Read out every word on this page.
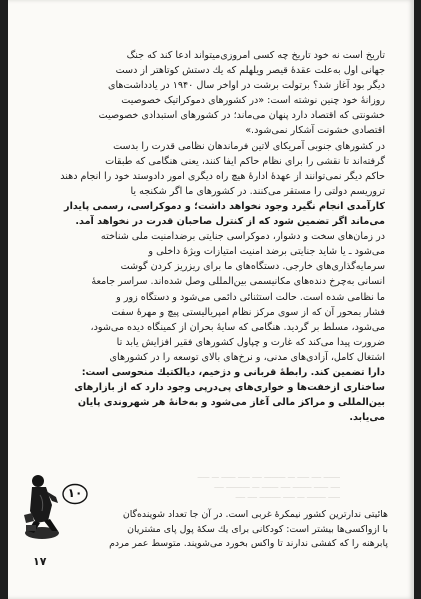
تاریخ است نه خود تاریخ چه کسی امروزی‌میتواند ادعا کند که جنگ

جهانی اول به‌علت عقده‌ٔ قیصر ویلهلم که یك دستش کوتاهتر از دست

دیگر بود آغاز شد؟ برتولت برشت در اواخر سال ۱۹۴۰ در یادداشت‌های

روزانهٔ خود چنین نوشته است: «در کشورهای دموکراتیک خصوصیت

خشونتی که اقتصاد دارد پنهان می‌ماند؛ در کشورهای استبدادی خصوصیت

اقتصادی خشونت آشکار نمی‌شود.»

در کشورهای جنوبی آمریکای لاتین فرماندهان نظامی قدرت را بدست

گرفته‌اند تا نقشی را برای نظام حاکم ایفا کنند، یعنی هنگامی که طبقات

حاکم دیگر نمی‌توانند از عهدهٔ اداره‌ٔ هیچ راه دیگری امور دادوستد خود را انجام دهند

تروریسم دولتی را مستقر می‌کنند. در کشورهای ما اگر شکنجه یا

کارآمدی انجام نگیرد وجود نخواهد داشت؛ و دموکراسی، رسمی پایدار

می‌ماند اگر تضمین شود که از کنترل صاحبان قدرت در نخواهد آمد.

در زمان‌های سخت و دشوار، دموکراسی جنایتی برضدامنیت ملی شناخته

می‌شود ـ یا شاید جنایتی برضد امنیت امتیازات ویژهٔ داخلی و

سرمایه‌گذاری‌های خارجی. دستگاه‌های ما برای ریزریز کردن گوشت

انسانی به‌چرخ دنده‌های مکانیسمی بین‌المللی وصل شده‌اند. سراسر جامعهٔ

ما نظامی شده است. حالت استثنائی دائمی می‌شود و دستگاه زور و

فشار بمحور آن که از سوی مرکز نظام امپریالیستی پیچ و مهرهٔ سفت

می‌شود، مسلط بر گردید. هنگامی که سایهٔ بحران از کمینگاه دیده می‌شود،

ضرورت پیدا می‌کند که غارت و چپاول کشورهای فقیر افزایش یابد تا

اشتغال کامل، آزادی‌های مدنی، و نرخ‌های بالای توسعه را در کشورهای

دارا تضمین کند. رابطهٔ قربانی و دژخیم، دیالکتیك منحوسی است:

ساختاری ازخفت‌ها و خواری‌های پی‌درپی وجود دارد که از بازارهای

بین‌المللی و مراکز مالی آغاز می‌شود و به‌خانهٔ هر شهروندی پایان

می‌یابد.

ـــــــ ــــ ـــــ ـــ ـــــــــ ــــ ـــــ ــــــ ـــ ـــــ
ــــ ــــــ ــــــــ ــــ ـــــــ ـــ ــــــــــ ــــ
ـــــ ــــــــ ـــ ـــــ ـــــــــ ــــ ــــ
۱۰

هائیتی ندارترین کشور نیمکرهٔ غربی است. در آن جا تعداد شوینده‌گان

با ازواکسی‌ها بیشتر است: کودکانی برای یك سکهٔ پول پای مشتریان

پابرهنه را که کفشی ندارند تا واکس بخورد می‌شویند. متوسط عمر مردم

۱۷
